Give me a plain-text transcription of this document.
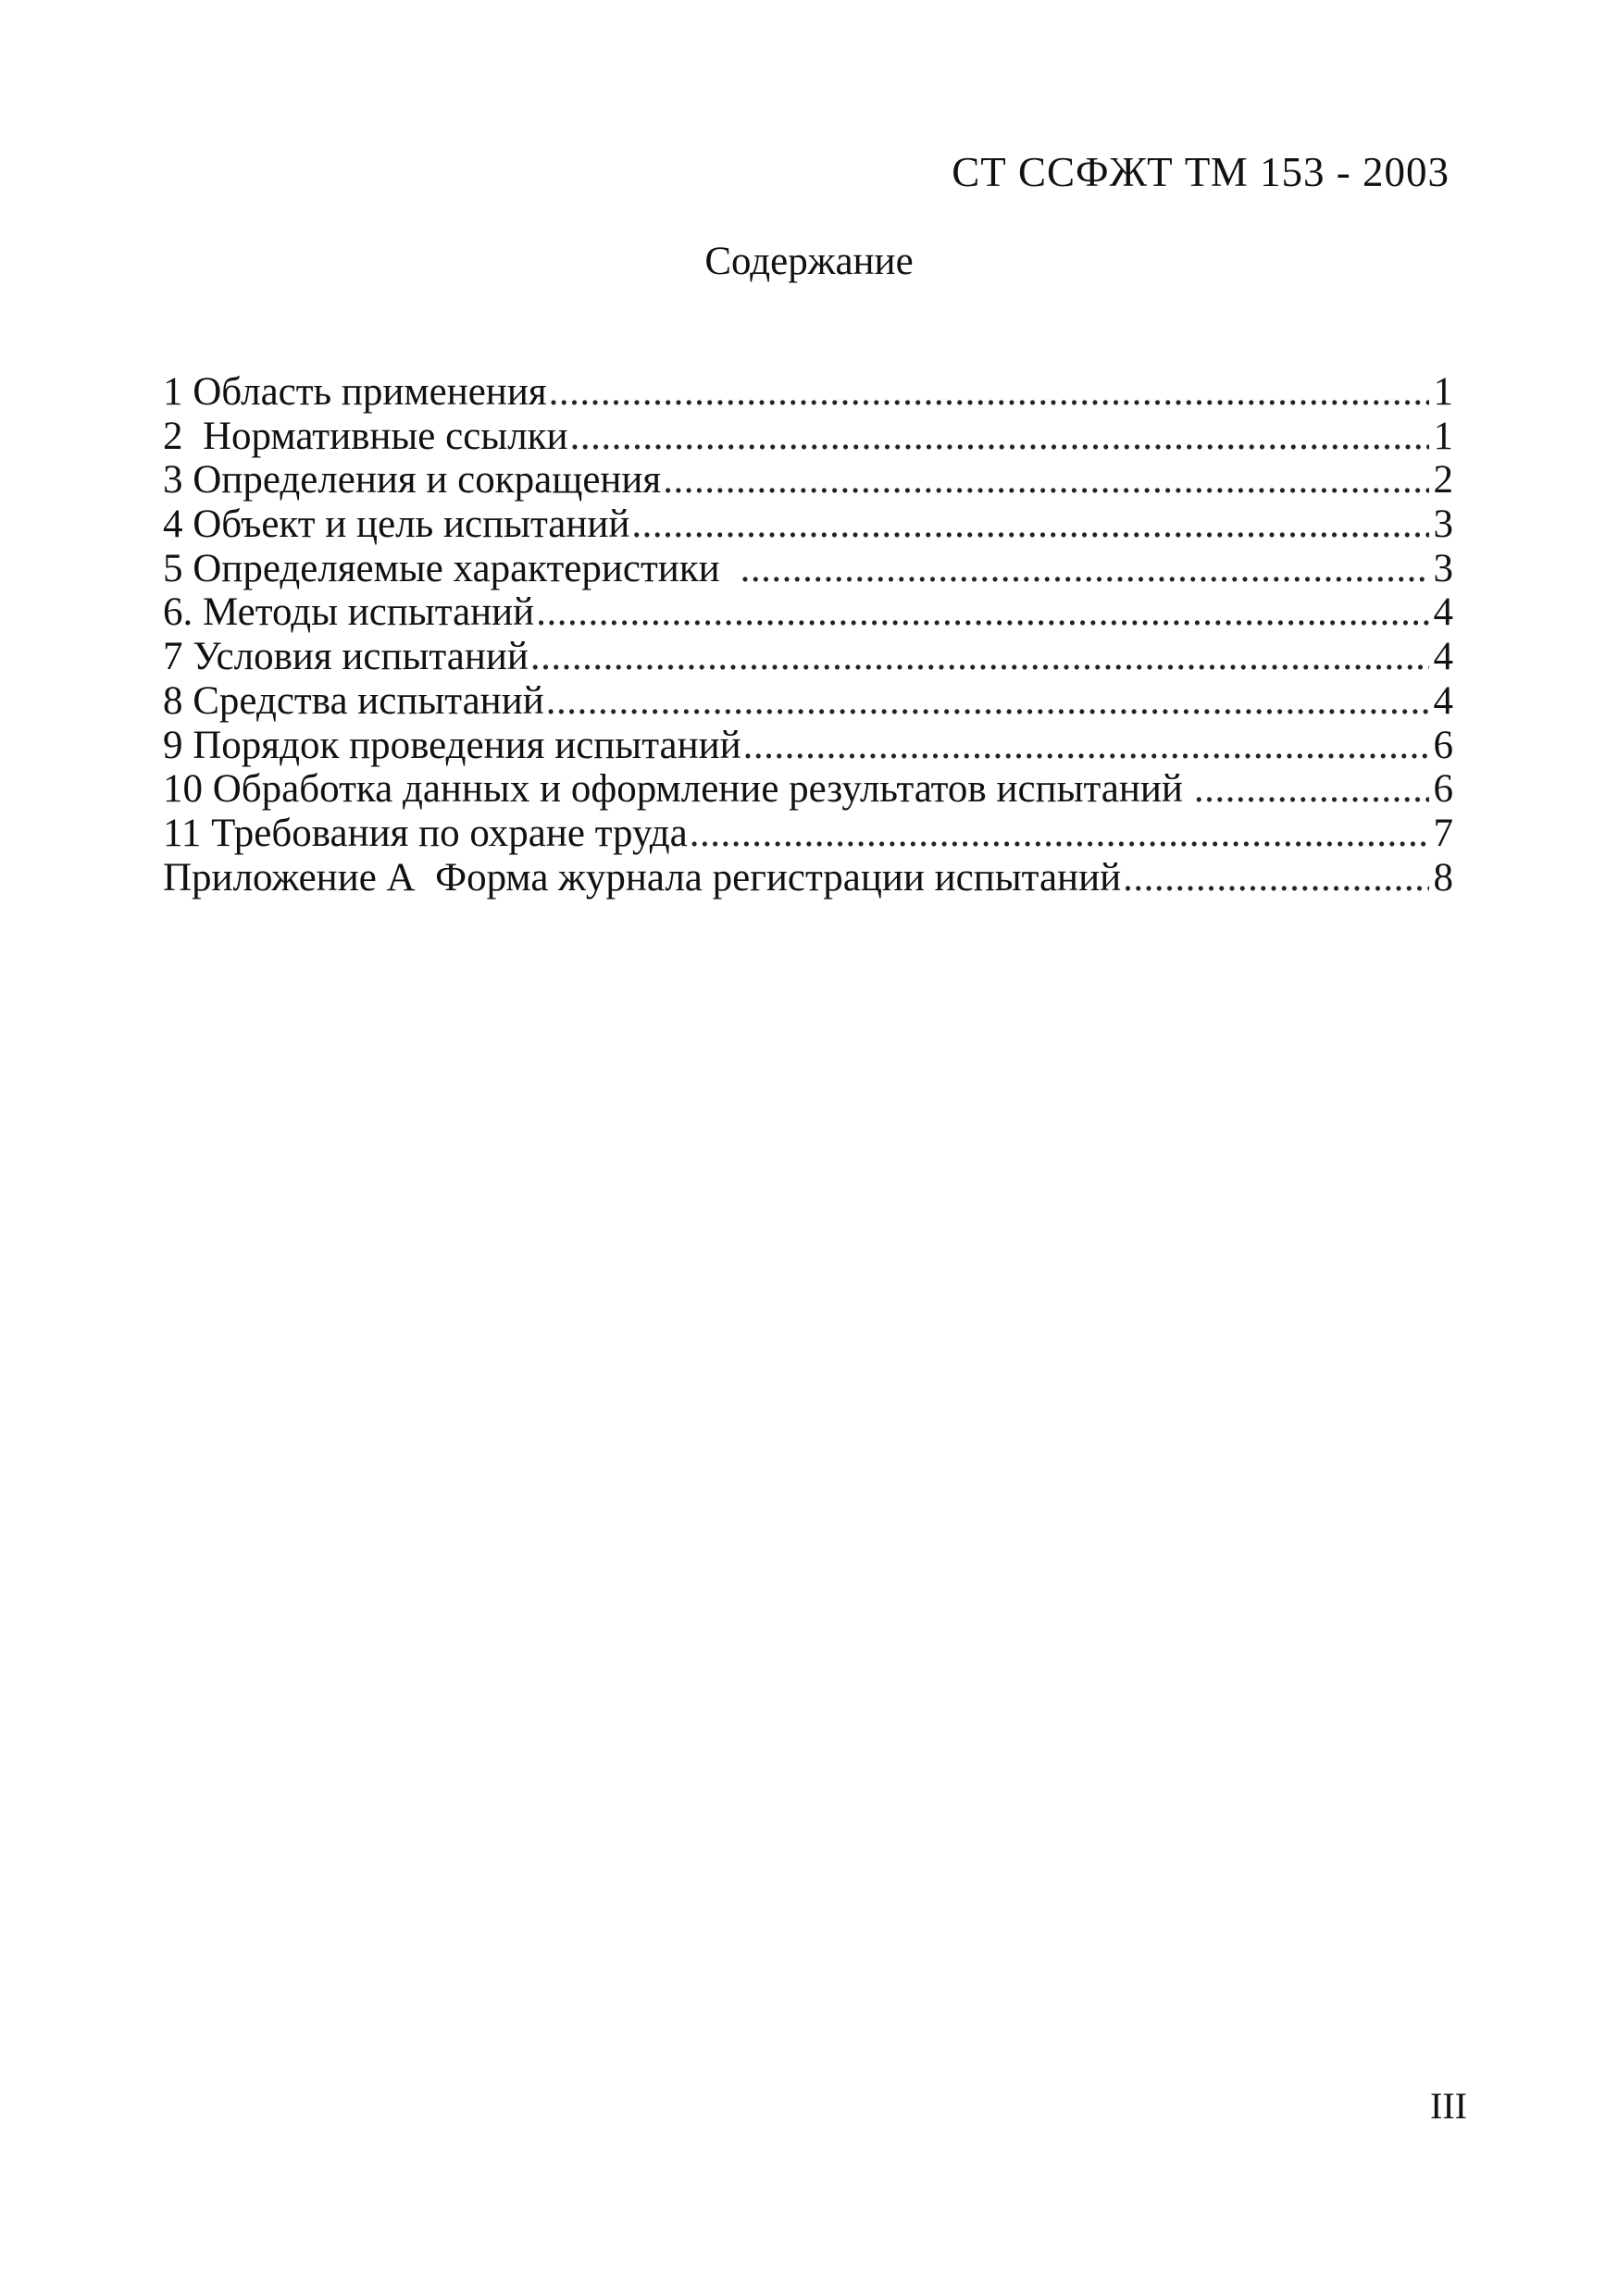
СТ ССФЖТ ТМ 153 - 2003
Содержание
1 Область применения .....	1
2  Нормативные ссылки .....	1
3 Определения и сокращения .....	2
4 Объект и цель испытаний .....	3
5 Определяемые характеристики .....	3
6. Методы испытаний .....	4
7 Условия испытаний .....	4
8 Средства испытаний .....	4
9 Порядок проведения испытаний .....	6
10 Обработка данных и оформление результатов испытаний .....	6
11 Требования по охране труда .....	7
Приложение А  Форма журнала регистрации испытаний .....	8
III
